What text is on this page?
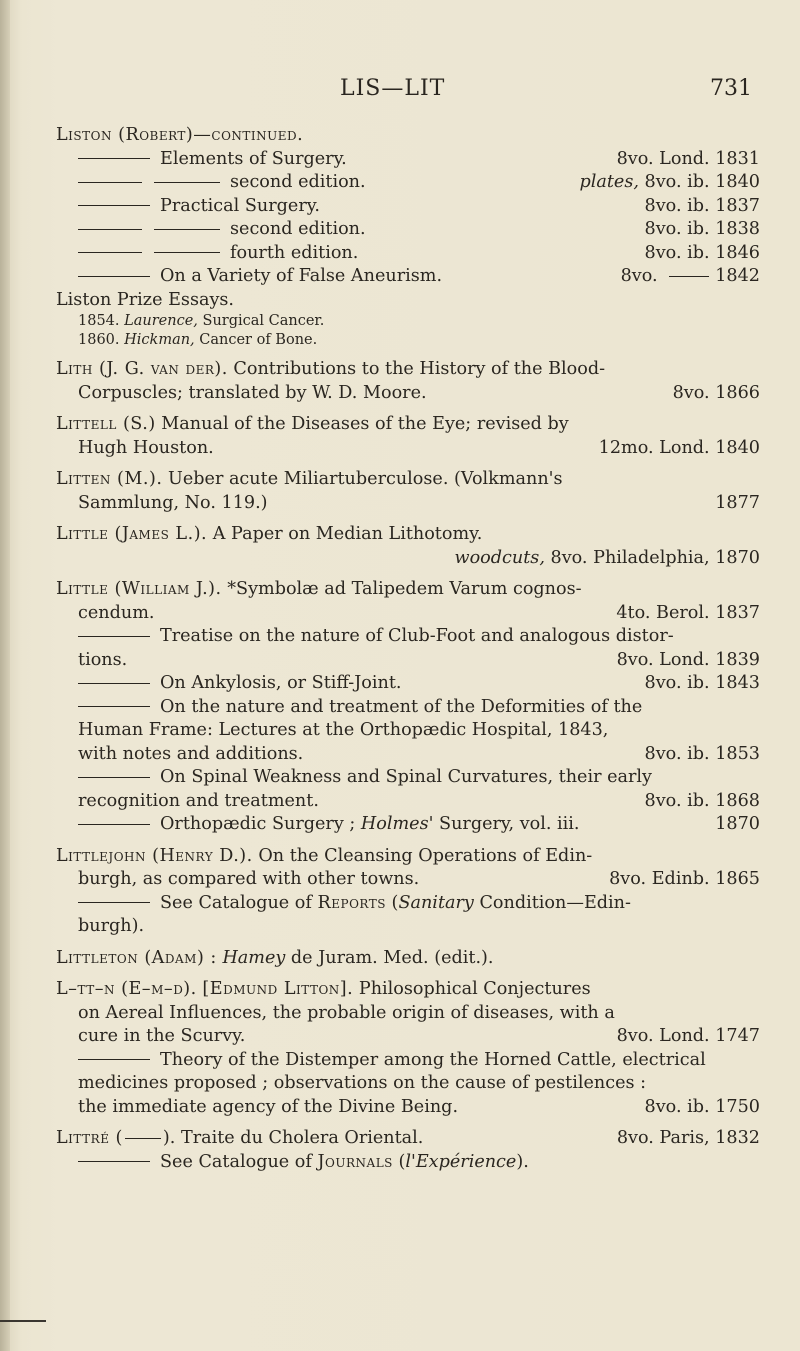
LIS—LIT	731
Liston (Robert)—continued.
Elements of Surgery.	8vo. Lond. 1831
second edition.	plates, 8vo. ib. 1840
Practical Surgery.	8vo. ib. 1837
second edition.	8vo. ib. 1838
fourth edition.	8vo. ib. 1846
On a Variety of False Aneurism.	8vo.	1842
Liston Prize Essays.
1854. Laurence, Surgical Cancer.
1860. Hickman, Cancer of Bone.
Lith (J. G. van der). Contributions to the History of the Blood-
Corpuscles; translated by W. D. Moore.	8vo. 1866
Littell (S.) Manual of the Diseases of the Eye; revised by
Hugh Houston.	12mo. Lond. 1840
Litten (M.). Ueber acute Miliartuberculose. (Volkmann's
Sammlung, No. 119.)	1877
Little (James L.). A Paper on Median Lithotomy.
woodcuts, 8vo. Philadelphia, 1870
Little (William J.). *Symbolæ ad Talipedem Varum cognos-
cendum.	4to. Berol. 1837
Treatise on the nature of Club-Foot and analogous distor-
tions.	8vo. Lond. 1839
On Ankylosis, or Stiff-Joint.	8vo. ib. 1843
On the nature and treatment of the Deformities of the
Human Frame: Lectures at the Orthopædic Hospital, 1843,
with notes and additions.	8vo. ib. 1853
On Spinal Weakness and Spinal Curvatures, their early
recognition and treatment.	8vo. ib. 1868
Orthopædic Surgery ; Holmes' Surgery, vol. iii.	1870
Littlejohn (Henry D.). On the Cleansing Operations of Edin-
burgh, as compared with other towns.	8vo. Edinb. 1865
See Catalogue of Reports (Sanitary Condition—Edin-
burgh).
Littleton (Adam) : Hamey de Juram. Med. (edit.).
L–tt–n (E–m–d). [Edmund Litton]. Philosophical Conjectures
on Aereal Influences, the probable origin of diseases, with a
cure in the Scurvy.	8vo. Lond. 1747
Theory of the Distemper among the Horned Cattle, electrical
medicines proposed ; observations on the cause of pestilences :
the immediate agency of the Divine Being.	8vo. ib. 1750
Littré ( ). Traite du Cholera Oriental.	8vo. Paris, 1832
See Catalogue of Journals (l'Expérience).
